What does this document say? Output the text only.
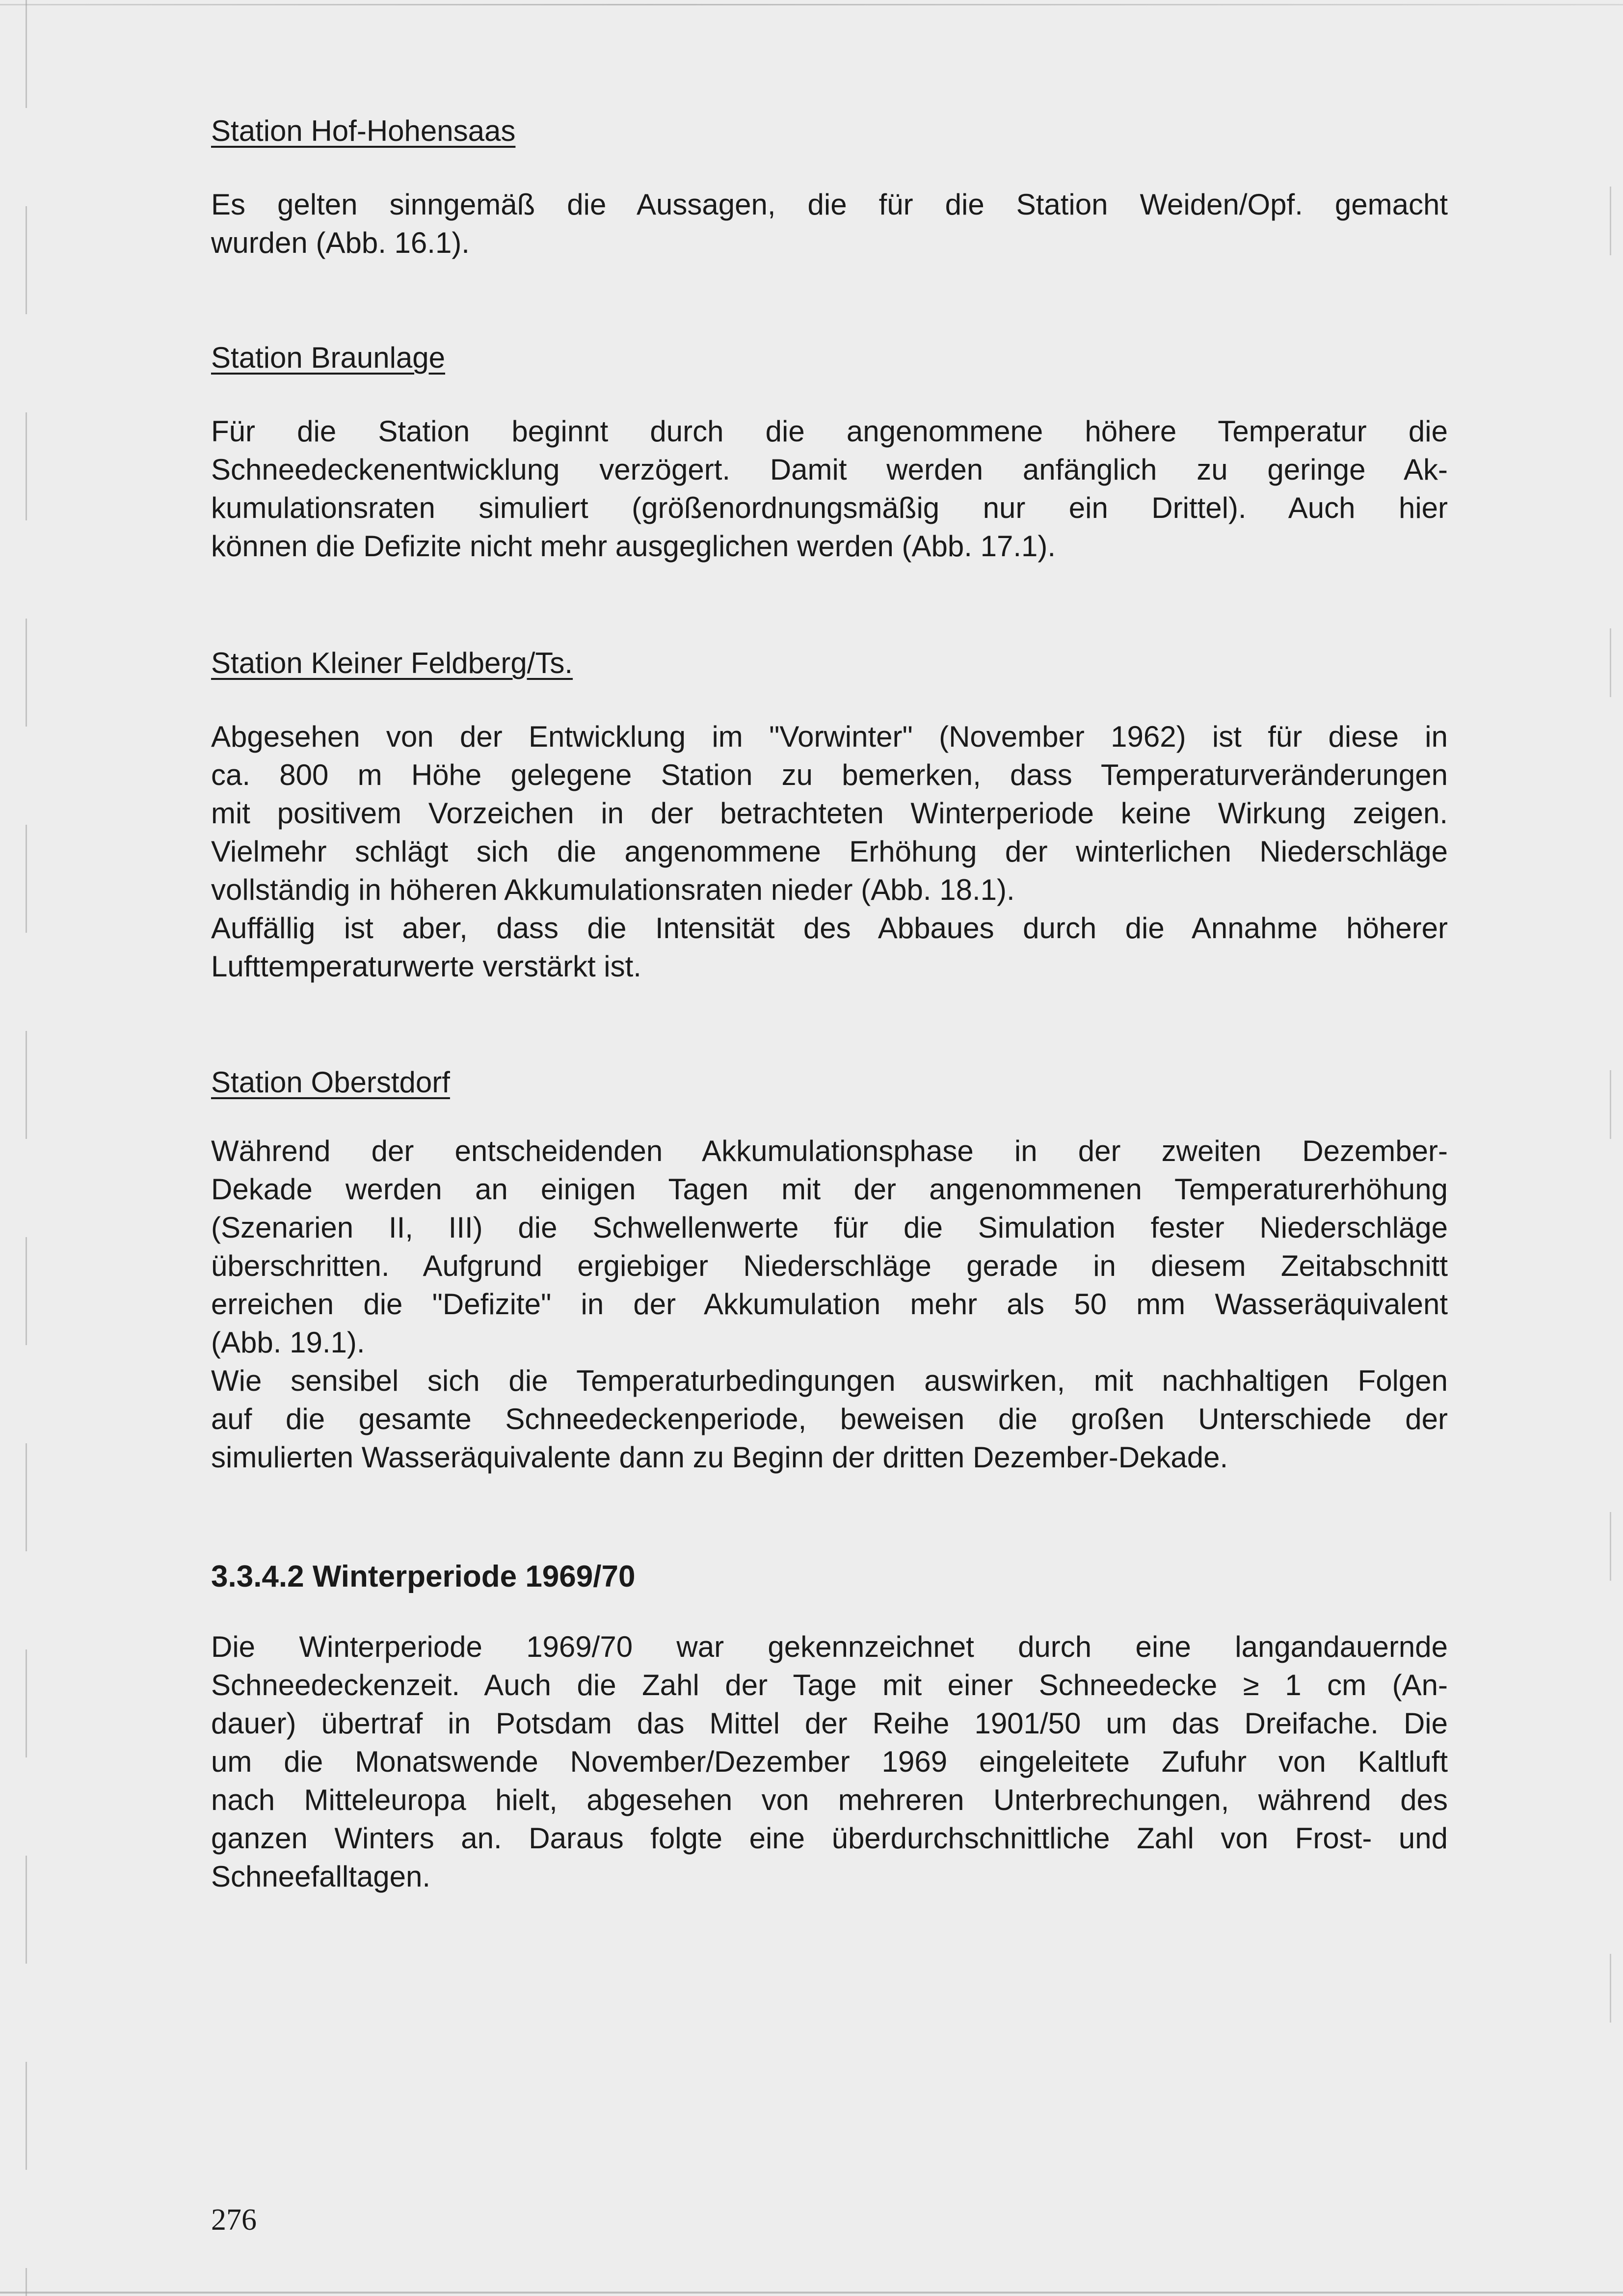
Station Hof-Hohensaas
Es gelten sinngemäß die Aussagen, die für die Station Weiden/Opf. gemacht
wurden (Abb. 16.1).
Station Braunlage
Für die Station beginnt durch die angenommene höhere Temperatur die
Schneedeckenentwicklung verzögert. Damit werden anfänglich zu geringe Ak-
kumulationsraten simuliert (größenordnungsmäßig nur ein Drittel). Auch hier
können die Defizite nicht mehr ausgeglichen werden (Abb. 17.1).
Station Kleiner Feldberg/Ts.
Abgesehen von der Entwicklung im "Vorwinter" (November 1962) ist für diese in
ca. 800 m Höhe gelegene Station zu bemerken, dass Temperaturveränderungen
mit positivem Vorzeichen in der betrachteten Winterperiode keine Wirkung zeigen.
Vielmehr schlägt sich die angenommene Erhöhung der winterlichen Niederschläge
vollständig in höheren Akkumulationsraten nieder (Abb. 18.1).
Auffällig ist aber, dass die Intensität des Abbaues durch die Annahme höherer
Lufttemperaturwerte verstärkt ist.
Station Oberstdorf
Während der entscheidenden Akkumulationsphase in der zweiten Dezember-
Dekade werden an einigen Tagen mit der angenommenen Temperaturerhöhung
(Szenarien II, III) die Schwellenwerte für die Simulation fester Niederschläge
überschritten. Aufgrund ergiebiger Niederschläge gerade in diesem Zeitabschnitt
erreichen die "Defizite" in der Akkumulation mehr als 50 mm Wasseräquivalent
(Abb. 19.1).
Wie sensibel sich die Temperaturbedingungen auswirken, mit nachhaltigen Folgen
auf die gesamte Schneedeckenperiode, beweisen die großen Unterschiede der
simulierten Wasseräquivalente dann zu Beginn der dritten Dezember-Dekade.
3.3.4.2 Winterperiode 1969/70
Die Winterperiode 1969/70 war gekennzeichnet durch eine langandauernde
Schneedeckenzeit. Auch die Zahl der Tage mit einer Schneedecke ≥ 1 cm (An-
dauer) übertraf in Potsdam das Mittel der Reihe 1901/50 um das Dreifache. Die
um die Monatswende November/Dezember 1969 eingeleitete Zufuhr von Kaltluft
nach Mitteleuropa hielt, abgesehen von mehreren Unterbrechungen, während des
ganzen Winters an. Daraus folgte eine überdurchschnittliche Zahl von Frost- und
Schneefalltagen.
276
